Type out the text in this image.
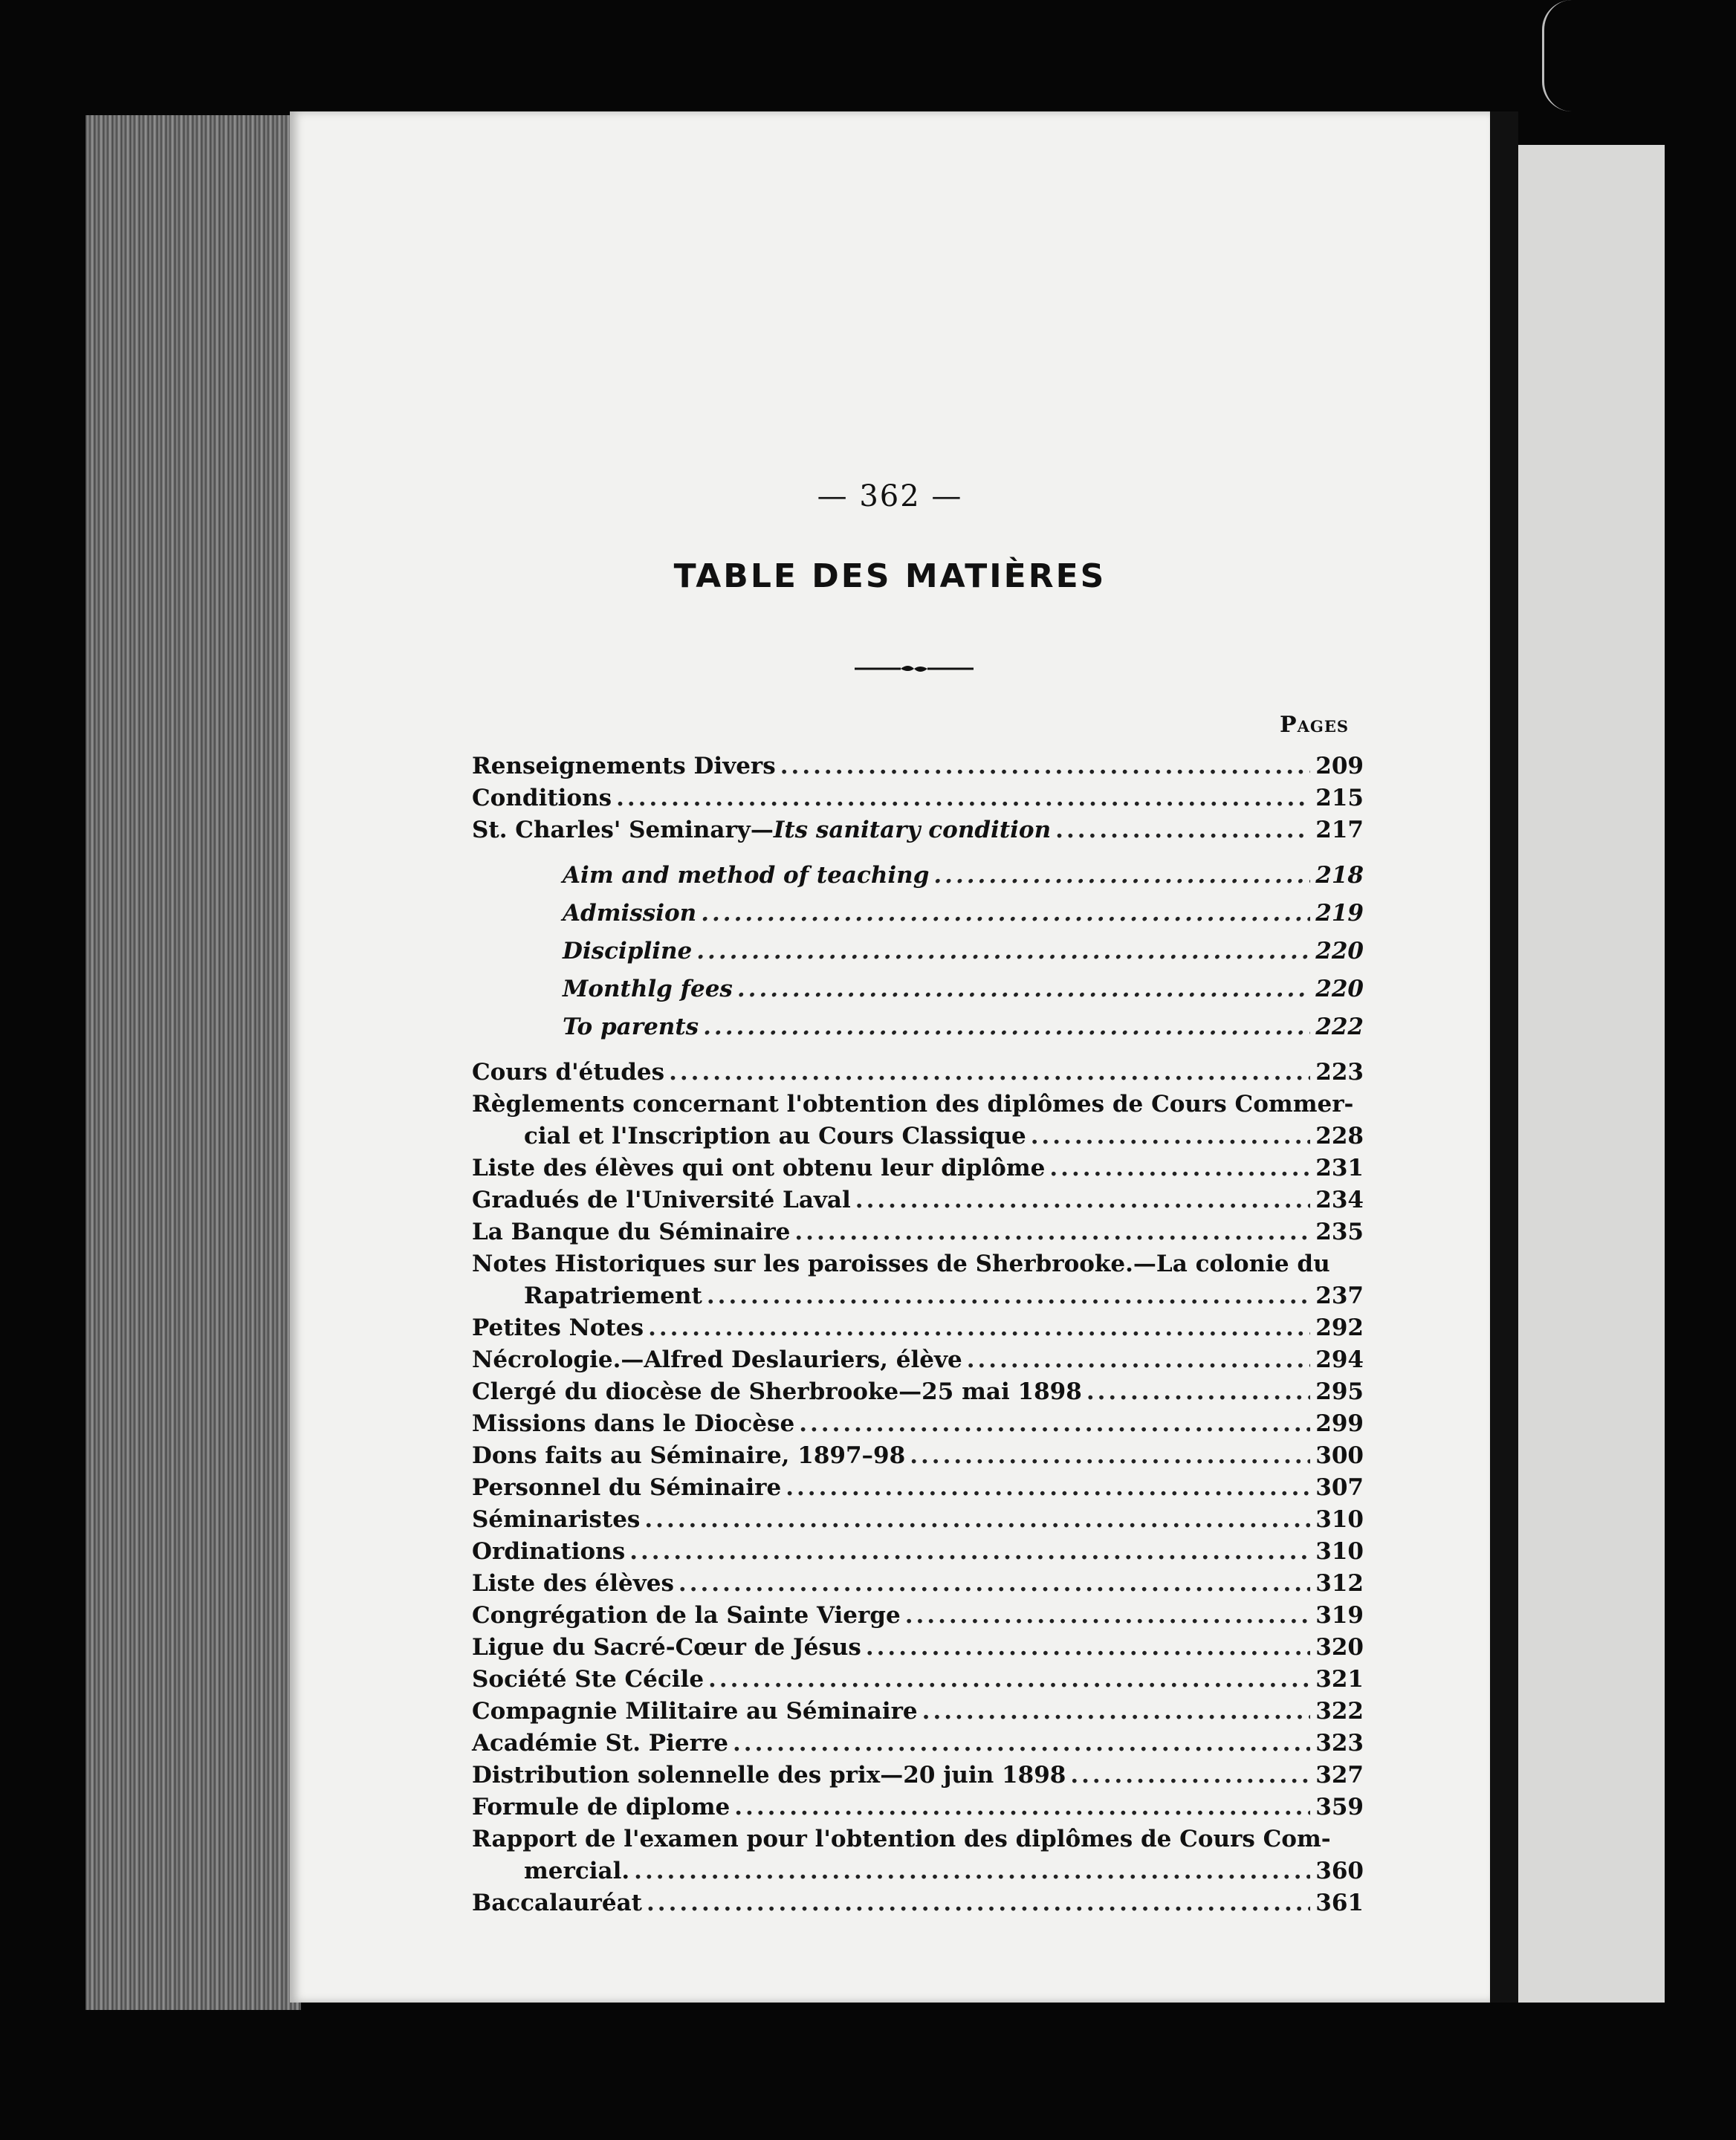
— 362 —
TABLE DES MATIÈRES
Pages
Renseignements Divers .....	209
Conditions .....	215
St. Charles' Seminary—Its sanitary condition .....	217
Aim and method of teaching .....	218
Admission .....	219
Discipline .....	220
Monthlg fees .....	220
To parents .....	222
Cours d'études .....	223
Règlements concernant l'obtention des diplômes de Cours Commer-
cial et l'Inscription au Cours Classique .....	228
Liste des élèves qui ont obtenu leur diplôme .....	231
Gradués de l'Université Laval .....	234
La Banque du Séminaire .....	235
Notes Historiques sur les paroisses de Sherbrooke.—La colonie du
Rapatriement .....	237
Petites Notes .....	292
Nécrologie.—Alfred Deslauriers, élève .....	294
Clergé du diocèse de Sherbrooke—25 mai 1898 .....	295
Missions dans le Diocèse .....	299
Dons faits au Séminaire, 1897–98 .....	300
Personnel du Séminaire .....	307
Séminaristes .....	310
Ordinations .....	310
Liste des élèves .....	312
Congrégation de la Sainte Vierge .....	319
Ligue du Sacré-Cœur de Jésus .....	320
Société Ste Cécile .....	321
Compagnie Militaire au Séminaire .....	322
Académie St. Pierre .....	323
Distribution solennelle des prix—20 juin 1898 .....	327
Formule de diplome .....	359
Rapport de l'examen pour l'obtention des diplômes de Cours Com-
mercial. .....	360
Baccalauréat .....	361
